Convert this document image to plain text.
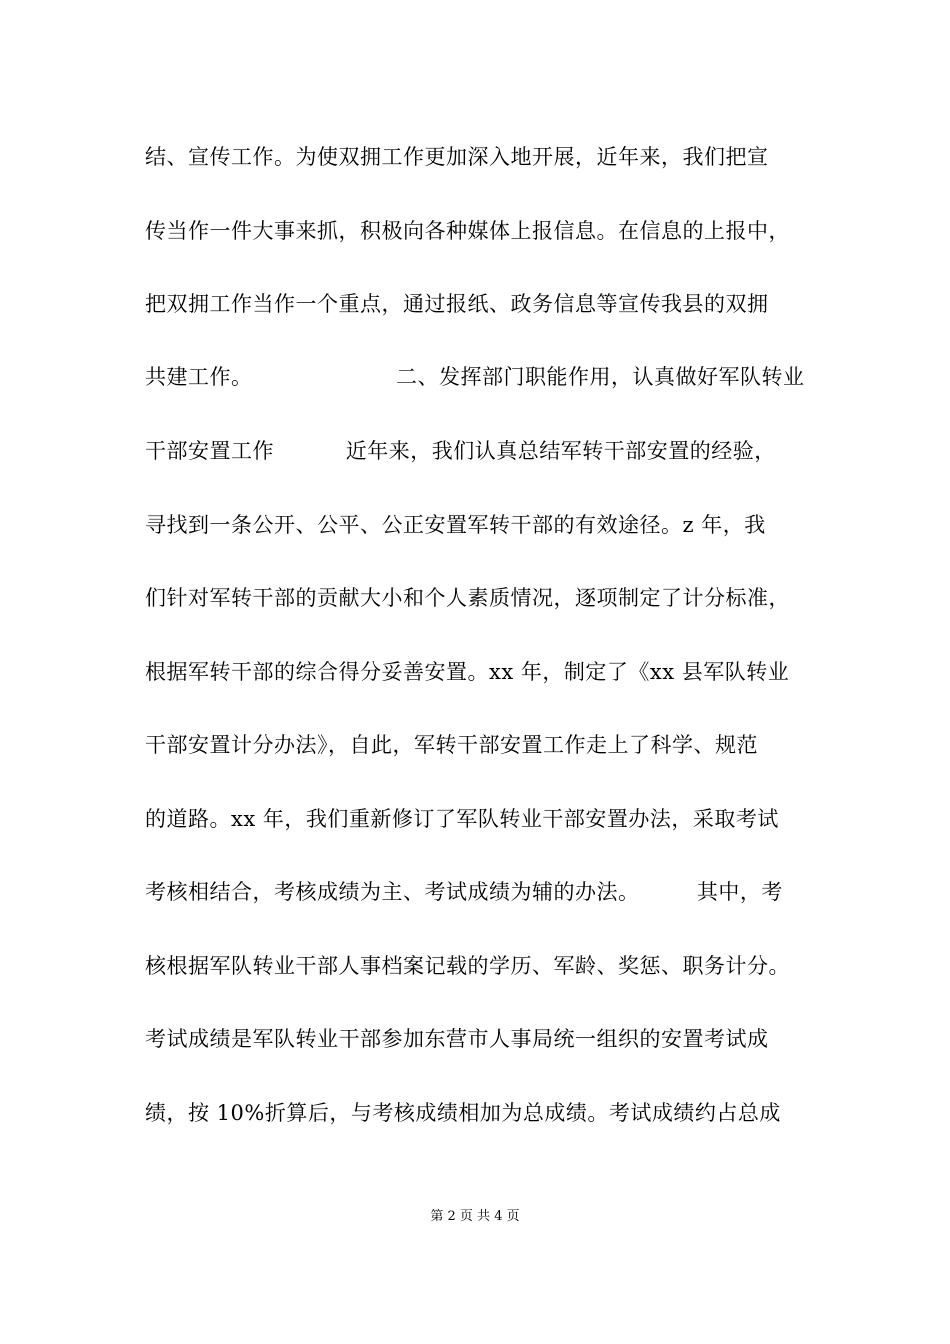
结、宣传工作。为使双拥工作更加深入地开展，近年来，我们把宣
传当作一件大事来抓，积极向各种媒体上报信息。在信息的上报中，
把双拥工作当作一个重点，通过报纸、政务信息等宣传我县的双拥
共建工作。                    二、发挥部门职能作用，认真做好军队转业
干部安置工作          近年来，我们认真总结军转干部安置的经验，
寻找到一条公开、公平、公正安置军转干部的有效途径。z 年，我
们针对军转干部的贡献大小和个人素质情况，逐项制定了计分标准，
根据军转干部的综合得分妥善安置。xx 年，制定了《xx 县军队转业
干部安置计分办法》，自此，军转干部安置工作走上了科学、规范
的道路。xx 年，我们重新修订了军队转业干部安置办法，采取考试
考核相结合，考核成绩为主、考试成绩为辅的办法。        其中，考
核根据军队转业干部人事档案记载的学历、军龄、奖惩、职务计分。
考试成绩是军队转业干部参加东营市人事局统一组织的安置考试成
绩，按 10%折算后，与考核成绩相加为总成绩。考试成绩约占总成
第 2 页 共 4 页
